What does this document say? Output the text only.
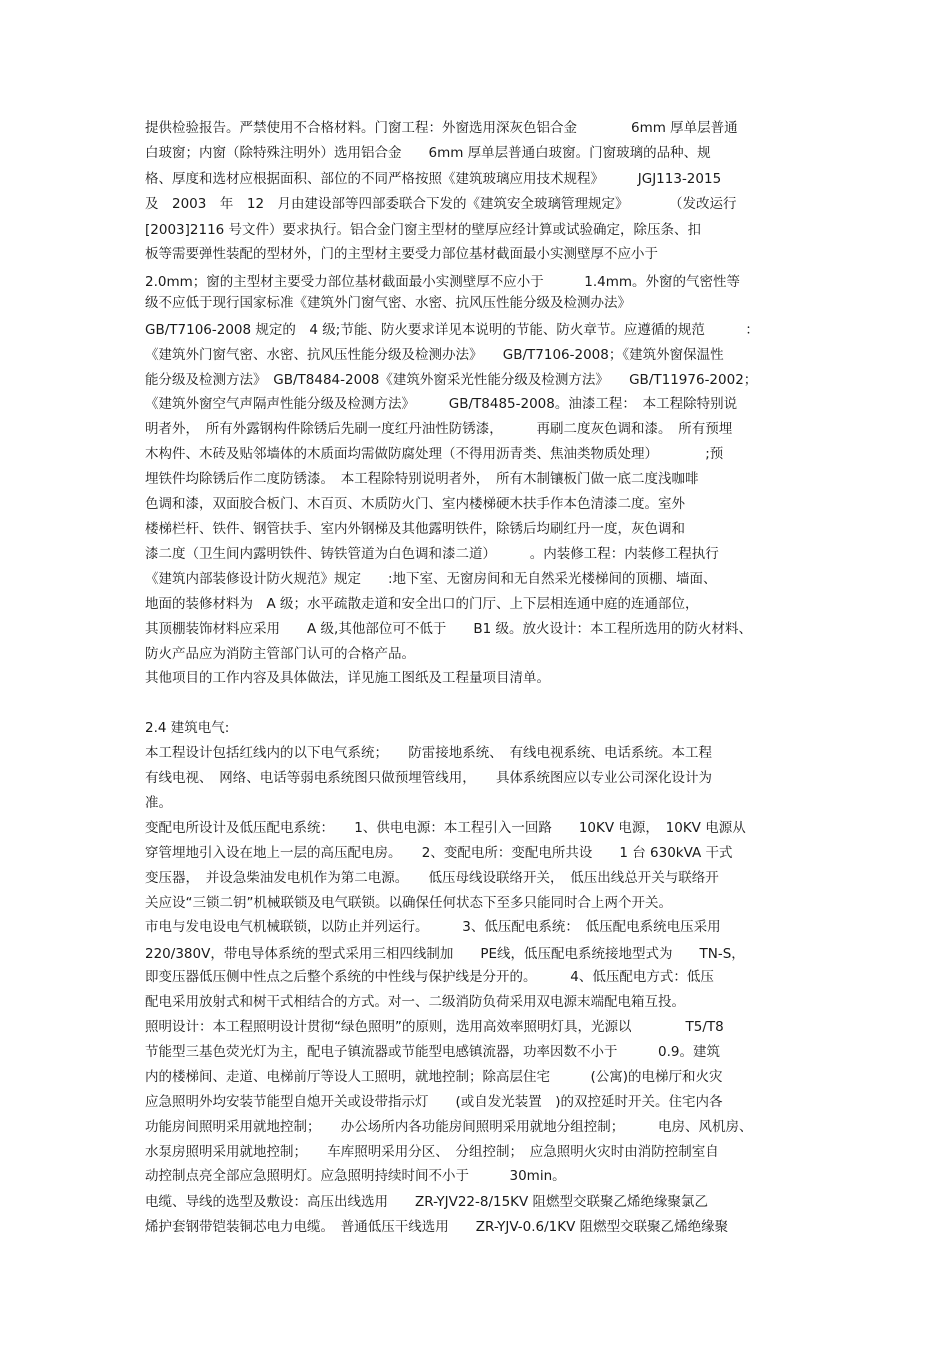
提供检验报告。严禁使用不合格材料。门窗工程：外窗选用深灰色铝合金　　　　6mm 厚单层普通
白玻窗；内窗（除特殊注明外）选用铝合金　　6mm 厚单层普通白玻窗。门窗玻璃的品种、规
格、厚度和选材应根据面积、部位的不同严格按照《建筑玻璃应用技术规程》　　　JGJ113-2015
及　2003　年　12　月由建设部等四部委联合下发的《建筑安全玻璃管理规定》　　　　（发改运行
[2003]2116 号文件）要求执行。铝合金门窗主型材的壁厚应经计算或试验确定，除压条、扣
板等需要弹性装配的型材外，门的主型材主要受力部位基材截面最小实测壁厚不应小于
2.0mm；窗的主型材主要受力部位基材截面最小实测壁厚不应小于　　　1.4mm。外窗的气密性等
级不应低于现行国家标准《建筑外门窗气密、水密、抗风压性能分级及检测办法》
GB/T7106-2008 规定的　4 级;节能、防火要求详见本说明的节能、防火章节。应遵循的规范　　　：
《建筑外门窗气密、水密、抗风压性能分级及检测办法》　　GB/T7106-2008；《建筑外窗保温性
能分级及检测方法》　GB/T8484-2008《建筑外窗采光性能分级及检测方法》　　GB/T11976-2002；
《建筑外窗空气声隔声性能分级及检测方法》　　　GB/T8485-2008。油漆工程：　本工程除特别说
明者外，　所有外露钢构件除锈后先刷一度红丹油性防锈漆，　　　再刷二度灰色调和漆。　所有预埋
木构件、木砖及贴邻墙体的木质面均需做防腐处理（不得用沥青类、焦油类物质处理）　　　　;预
埋铁件均除锈后作二度防锈漆。　本工程除特别说明者外，　所有木制镶板门做一底二度浅咖啡
色调和漆，双面胶合板门、木百页、木质防火门、室内楼梯硬木扶手作本色清漆二度。室外
楼梯栏杆、铁件、钢管扶手、室内外钢梯及其他露明铁件，除锈后均刷红丹一度，灰色调和
漆二度（卫生间内露明铁件、铸铁管道为白色调和漆二道）　　　。内装修工程：内装修工程执行
《建筑内部装修设计防火规范》规定　　:地下室、无窗房间和无自然采光楼梯间的顶棚、墙面、
地面的装修材料为　A 级；水平疏散走道和安全出口的门厅、上下层相连通中庭的连通部位，
其顶棚装饰材料应采用　　A 级,其他部位可不低于　　B1 级。放火设计：本工程所选用的防火材料、
防火产品应为消防主管部门认可的合格产品。
其他项目的工作内容及具体做法，详见施工图纸及工程量项目清单。
2.4 建筑电气:
本工程设计包括红线内的以下电气系统；　　防雷接地系统、　有线电视系统、电话系统。本工程
有线电视、　网络、电话等弱电系统图只做预埋管线用，　　具体系统图应以专业公司深化设计为
准。
变配电所设计及低压配电系统：　　1、供电电源：本工程引入一回路　　10KV 电源，　10KV 电源从
穿管埋地引入设在地上一层的高压配电房。　　2、变配电所：变配电所共设　　1 台 630kVA 干式
变压器，　并设急柴油发电机作为第二电源。　　低压母线设联络开关，　低压出线总开关与联络开
关应设“三锁二钥”机械联锁及电气联锁。以确保任何状态下至多只能同时合上两个开关。
市电与发电设电气机械联锁，以防止并列运行。　　　3、低压配电系统：　低压配电系统电压采用
220/380V，带电导体系统的型式采用三相四线制加　　PE线，低压配电系统接地型式为　　TN-S，
即变压器低压侧中性点之后整个系统的中性线与保护线是分开的。　　　4、低压配电方式：低压
配电采用放射式和树干式相结合的方式。对一、二级消防负荷采用双电源末端配电箱互投。
照明设计：本工程照明设计贯彻“绿色照明”的原则，选用高效率照明灯具，光源以　　　　T5/T8
节能型三基色荧光灯为主，配电子镇流器或节能型电感镇流器，功率因数不小于　　　0.9。建筑
内的楼梯间、走道、电梯前厅等设人工照明，就地控制；除高层住宅　　　(公寓)的电梯厅和火灾
应急照明外均安装节能型自熄开关或设带指示灯　　(或自发光装置　)的双控延时开关。住宅内各
功能房间照明采用就地控制；　　办公场所内各功能房间照明采用就地分组控制；　　　电房、风机房、
水泵房照明采用就地控制；　　车库照明采用分区、　分组控制；　应急照明火灾时由消防控制室自
动控制点亮全部应急照明灯。应急照明持续时间不小于　　　30min。
电缆、导线的选型及敷设：高压出线选用　　ZR-YJV22-8/15KV 阻燃型交联聚乙烯绝缘聚氯乙
烯护套钢带铠装铜芯电力电缆。　普通低压干线选用　　ZR-YJV-0.6/1KV 阻燃型交联聚乙烯绝缘聚
